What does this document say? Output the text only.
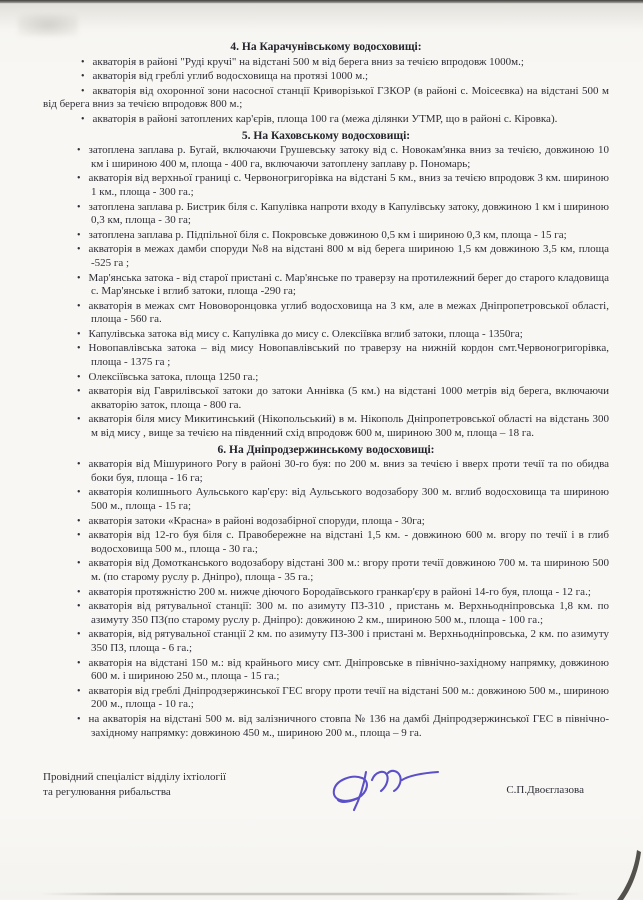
4. На Карачунівському водосховищі:
• акваторія в районі "Руді кручі" на відстані 500 м від берега вниз за течією впродовж 1000м.;
• акваторія від греблі углиб водосховища на протязі 1000 м.;
• акваторія від охоронної зони насосної станції Криворізької ГЗКОР (в районі с. Моісеєвка) на відстані 500 м від берега вниз за течією впродовж 800 м.;
• акваторія в районі затоплених кар'єрів, площа 100 га (межа ділянки УТМР, що в районі с. Кіровка).
5. На Каховському водосховищі:
• затоплена заплава р. Бугай, включаючи Грушевську затоку від с. Новокам'янка вниз за течією, довжиною 10 км і шириною 400 м, площа - 400 га, включаючи затоплену заплаву р. Пономарь;
• акваторія від верхньої границі с. Червоногригорівка на відстані 5 км., вниз за течією впродовж 3 км. шириною 1 км., площа - 300 га.;
• затоплена заплава р. Бистрик біля с. Капулівка напроти входу в Капулівську затоку, довжиною 1 км і шириною 0,3 км, площа - 30 га;
• затоплена заплава р. Підпільної біля с. Покровське довжиною 0,5 км і шириною 0,3 км, площа - 15 га;
• акваторія в межах дамби споруди №8 на відстані 800 м від берега шириною 1,5 км довжиною 3,5 км, площа -525 га ;
• Мар'янська затока - від старої пристані с. Мар'янське по траверзу на протилежний берег до старого кладовища с. Мар'янське і вглиб затоки, площа -290 га;
• акваторія в межах смт Нововоронцовка углиб водосховища на 3 км, але в межах Дніпропетровської області, площа - 560 га.
• Капулівська затока від мису с. Капулівка до мису с. Олексіївка вглиб затоки, площа - 1350га;
• Новопавлівська затока – від мису Новопавлівський по траверзу на нижній кордон смт.Червоногригорівка, площа - 1375 га ;
• Олексіївська затока, площа 1250 га.;
• акваторія від Гаврилівської затоки до затоки Аннівка (5 км.) на відстані 1000 метрів від берега, включаючи акваторію заток, площа - 800 га.
• акваторія біля мису Микитинський (Нікопольський) в м. Нікополь Дніпропетровської області на відстань 300 м від мису , вище за течією на південний схід впродовж 600 м, шириною 300 м, площа – 18 га.
6. На Дніпродзержинському водосховищі:
• акваторія від Мішуриного Рогу в районі 30-го буя: по 200 м. вниз за течією і вверх проти течії та по обидва боки буя, площа - 16 га;
• акваторія колишнього Аульського кар'єру: від Аульського водозабору 300 м. вглиб водосховища та шириною 500 м., площа - 15 га;
• акваторія затоки «Красна» в районі водозабірної споруди, площа - 30га;
• акваторія від 12-го буя біля с. Правобережне на відстані 1,5 км. - довжиною 600 м. вгору по течії і в глиб водосховища 500 м., площа - 30 га.;
• акваторія від Домотканського водозабору відстані 300 м.: вгору проти течії довжиною 700 м. та шириною 500 м. (по старому руслу р. Дніпро), площа - 35 га.;
• акваторія протяжністю 200 м. нижче діючого Бородаївського гранкар'єру в районі 14-го буя, площа - 12 га.;
• акваторія від рятувальної станції: 300 м. по азимуту ПЗ-310 , пристань м. Верхньодніпровська 1,8 км. по азимуту 350 ПЗ(по старому руслу р. Дніпро): довжиною 2 км., шириною 500 м., площа - 100 га.;
• акваторія, від рятувальної станції 2 км. по азимуту ПЗ-300 і пристані м. Верхньодніпровська, 2 км. по азимуту 350 ПЗ, площа - 6 га.;
• акваторія на відстані 150 м.: від крайнього мису смт. Дніпровське в північно-західному напрямку, довжиною 600 м. і шириною 250 м., площа - 15 га.;
• акваторія від греблі Дніпродзержинської ГЕС вгору проти течії на відстані 500 м.: довжиною 500 м., шириною 200 м., площа - 10 га.;
• на акваторія на відстані 500 м. від залізничного стовпа № 136 на дамбі Дніпродзержинської ГЕС в північно-західному напрямку: довжиною 450 м., шириною 200 м., площа – 9 га.
Провідний спеціаліст відділу іхтіології
та регулювання рибальства	С.П.Двоєглазова
